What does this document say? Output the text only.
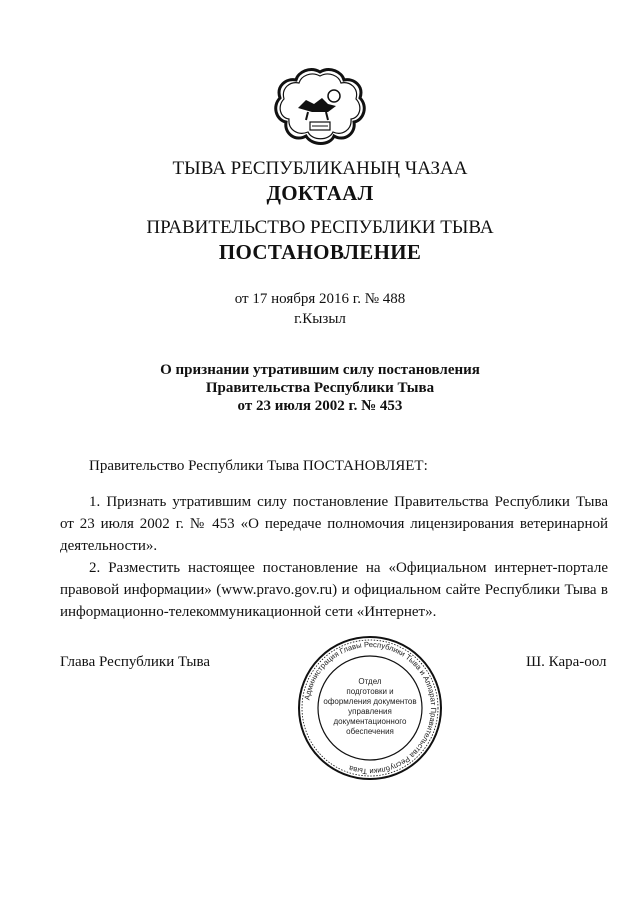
ТЫВА РЕСПУБЛИКАНЫҢ ЧАЗАА
ДОКТААЛ
ПРАВИТЕЛЬСТВО РЕСПУБЛИКИ ТЫВА
ПОСТАНОВЛЕНИЕ
от 17 ноября 2016 г. № 488
г.Кызыл
О признании утратившим силу постановления
Правительства Республики Тыва
от 23 июля 2002 г. № 453
Правительство Республики Тыва ПОСТАНОВЛЯЕТ:
1. Признать утратившим силу постановление Правительства Республики Тыва от 23 июля 2002 г. № 453 «О передаче полномочия лицензирования ветеринарной деятельности».
2. Разместить настоящее постановление на «Официальном интернет-портале правовой информации» (www.pravo.gov.ru) и официальном сайте Республики Тыва в информационно-телекоммуникационной сети «Интернет».
Глава Республики Тыва	Ш. Кара-оол
Администрация Главы Республики Тыва и Аппарат Правительства Республики Тыва
Отдел
подготовки и
оформления документов
управления
документационного
обеспечения
